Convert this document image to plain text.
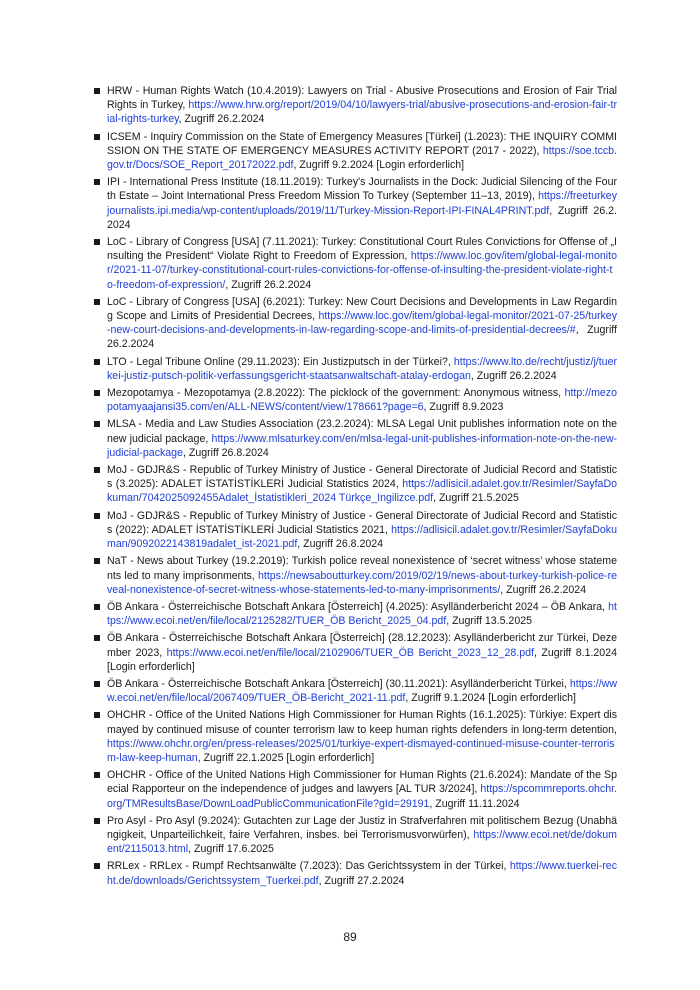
HRW - Human Rights Watch (10.4.2019): Lawyers on Trial - Abusive Prosecutions and Erosion of Fair Trial Rights in Turkey, https://www.hrw.org/report/2019/04/10/lawyers-trial/abusive-prosecutions-and-erosion-fair-trial-rights-turkey, Zugriff 26.2.2024
ICSEM - Inquiry Commission on the State of Emergency Measures [Türkei] (1.2023): THE INQUIRY COMMISSION ON THE STATE OF EMERGENCY MEASURES ACTIVITY REPORT (2017 - 2022), https://soe.tccb.gov.tr/Docs/SOE_Report_20172022.pdf, Zugriff 9.2.2024 [Login erforderlich]
IPI - International Press Institute (18.11.2019): Turkey's Journalists in the Dock: Judicial Silencing of the Fourth Estate – Joint International Press Freedom Mission To Turkey (September 11–13, 2019), https://freeturkeyjournalists.ipi.media/wp-content/uploads/2019/11/Turkey-Mission-Report-IPI-FINAL4PRINT.pdf, Zugriff 26.2.2024
LoC - Library of Congress [USA] (7.11.2021): Turkey: Constitutional Court Rules Convictions for Offense of „Insulting the President“ Violate Right to Freedom of Expression, https://www.loc.gov/item/global-legal-monitor/2021-11-07/turkey-constitutional-court-rules-convictions-for-offense-of-insulting-the-president-violate-right-to-freedom-of-expression/, Zugriff 26.2.2024
LoC - Library of Congress [USA] (6.2021): Turkey: New Court Decisions and Developments in Law Regarding Scope and Limits of Presidential Decrees, https://www.loc.gov/item/global-legal-monitor/2021-07-25/turkey-new-court-decisions-and-developments-in-law-regarding-scope-and-limits-of-presidential-decrees/#, Zugriff 26.2.2024
LTO - Legal Tribune Online (29.11.2023): Ein Justizputsch in der Türkei?, https://www.lto.de/recht/justiz/j/tuerkei-justiz-putsch-politik-verfassungsgericht-staatsanwaltschaft-atalay-erdogan, Zugriff 26.2.2024
Mezopotamya - Mezopotamya (2.8.2022): The picklock of the government: Anonymous witness, http://mezopotamyaajansi35.com/en/ALL-NEWS/content/view/178661?page=6, Zugriff 8.9.2023
MLSA - Media and Law Studies Association (23.2.2024): MLSA Legal Unit publishes information note on the new judicial package, https://www.mlsaturkey.com/en/mlsa-legal-unit-publishes-information-note-on-the-new-judicial-package, Zugriff 26.8.2024
MoJ - GDJR&S - Republic of Turkey Ministry of Justice - General Directorate of Judicial Record and Statistics (3.2025): ADALET İSTATİSTİKLERİ Judicial Statistics 2024, https://adlisicil.adalet.gov.tr/Resimler/SayfaDokuman/7042025092455Adalet_İstatistikleri_2024 Türkçe_Ingilizce.pdf, Zugriff 21.5.2025
MoJ - GDJR&S - Republic of Turkey Ministry of Justice - General Directorate of Judicial Record and Statistics (2022): ADALET İSTATİSTİKLERİ Judicial Statistics 2021, https://adlisicil.adalet.gov.tr/Resimler/SayfaDokuman/9092022143819adalet_ist-2021.pdf, Zugriff 26.8.2024
NaT - News about Turkey (19.2.2019): Turkish police reveal nonexistence of ‘secret witness’ whose statements led to many imprisonments, https://newsaboutturkey.com/2019/02/19/news-about-turkey-turkish-police-reveal-nonexistence-of-secret-witness-whose-statements-led-to-many-imprisonments/, Zugriff 26.2.2024
ÖB Ankara - Österreichische Botschaft Ankara [Österreich] (4.2025): Asylländerbericht 2024 – ÖB Ankara, https://www.ecoi.net/en/file/local/2125282/TUER_ÖB Bericht_2025_04.pdf, Zugriff 13.5.2025
ÖB Ankara - Österreichische Botschaft Ankara [Österreich] (28.12.2023): Asylländerbericht zur Türkei, Dezember 2023, https://www.ecoi.net/en/file/local/2102906/TUER_ÖB Bericht_2023_12_28.pdf, Zugriff 8.1.2024 [Login erforderlich]
ÖB Ankara - Österreichische Botschaft Ankara [Österreich] (30.11.2021): Asylländerbericht Türkei, https://www.ecoi.net/en/file/local/2067409/TUER_ÖB-Bericht_2021-11.pdf, Zugriff 9.1.2024 [Login erforderlich]
OHCHR - Office of the United Nations High Commissioner for Human Rights (16.1.2025): Türkiye: Expert dismayed by continued misuse of counter terrorism law to keep human rights defenders in long-term detention, https://www.ohchr.org/en/press-releases/2025/01/turkiye-expert-dismayed-continued-misuse-counter-terrorism-law-keep-human, Zugriff 22.1.2025 [Login erforderlich]
OHCHR - Office of the United Nations High Commissioner for Human Rights (21.6.2024): Mandate of the Special Rapporteur on the independence of judges and lawyers [AL TUR 3/2024], https://spcommreports.ohchr.org/TMResultsBase/DownLoadPublicCommunicationFile?gId=29191, Zugriff 11.11.2024
Pro Asyl - Pro Asyl (9.2024): Gutachten zur Lage der Justiz in Strafverfahren mit politischem Bezug (Unabhängigkeit, Unparteilichkeit, faire Verfahren, insbes. bei Terrorismusvorwürfen), https://www.ecoi.net/de/dokument/2115013.html, Zugriff 17.6.2025
RRLex - RRLex - Rumpf Rechtsanwälte (7.2023): Das Gerichtssystem in der Türkei, https://www.tuerkei-recht.de/downloads/Gerichtssystem_Tuerkei.pdf, Zugriff 27.2.2024
89
